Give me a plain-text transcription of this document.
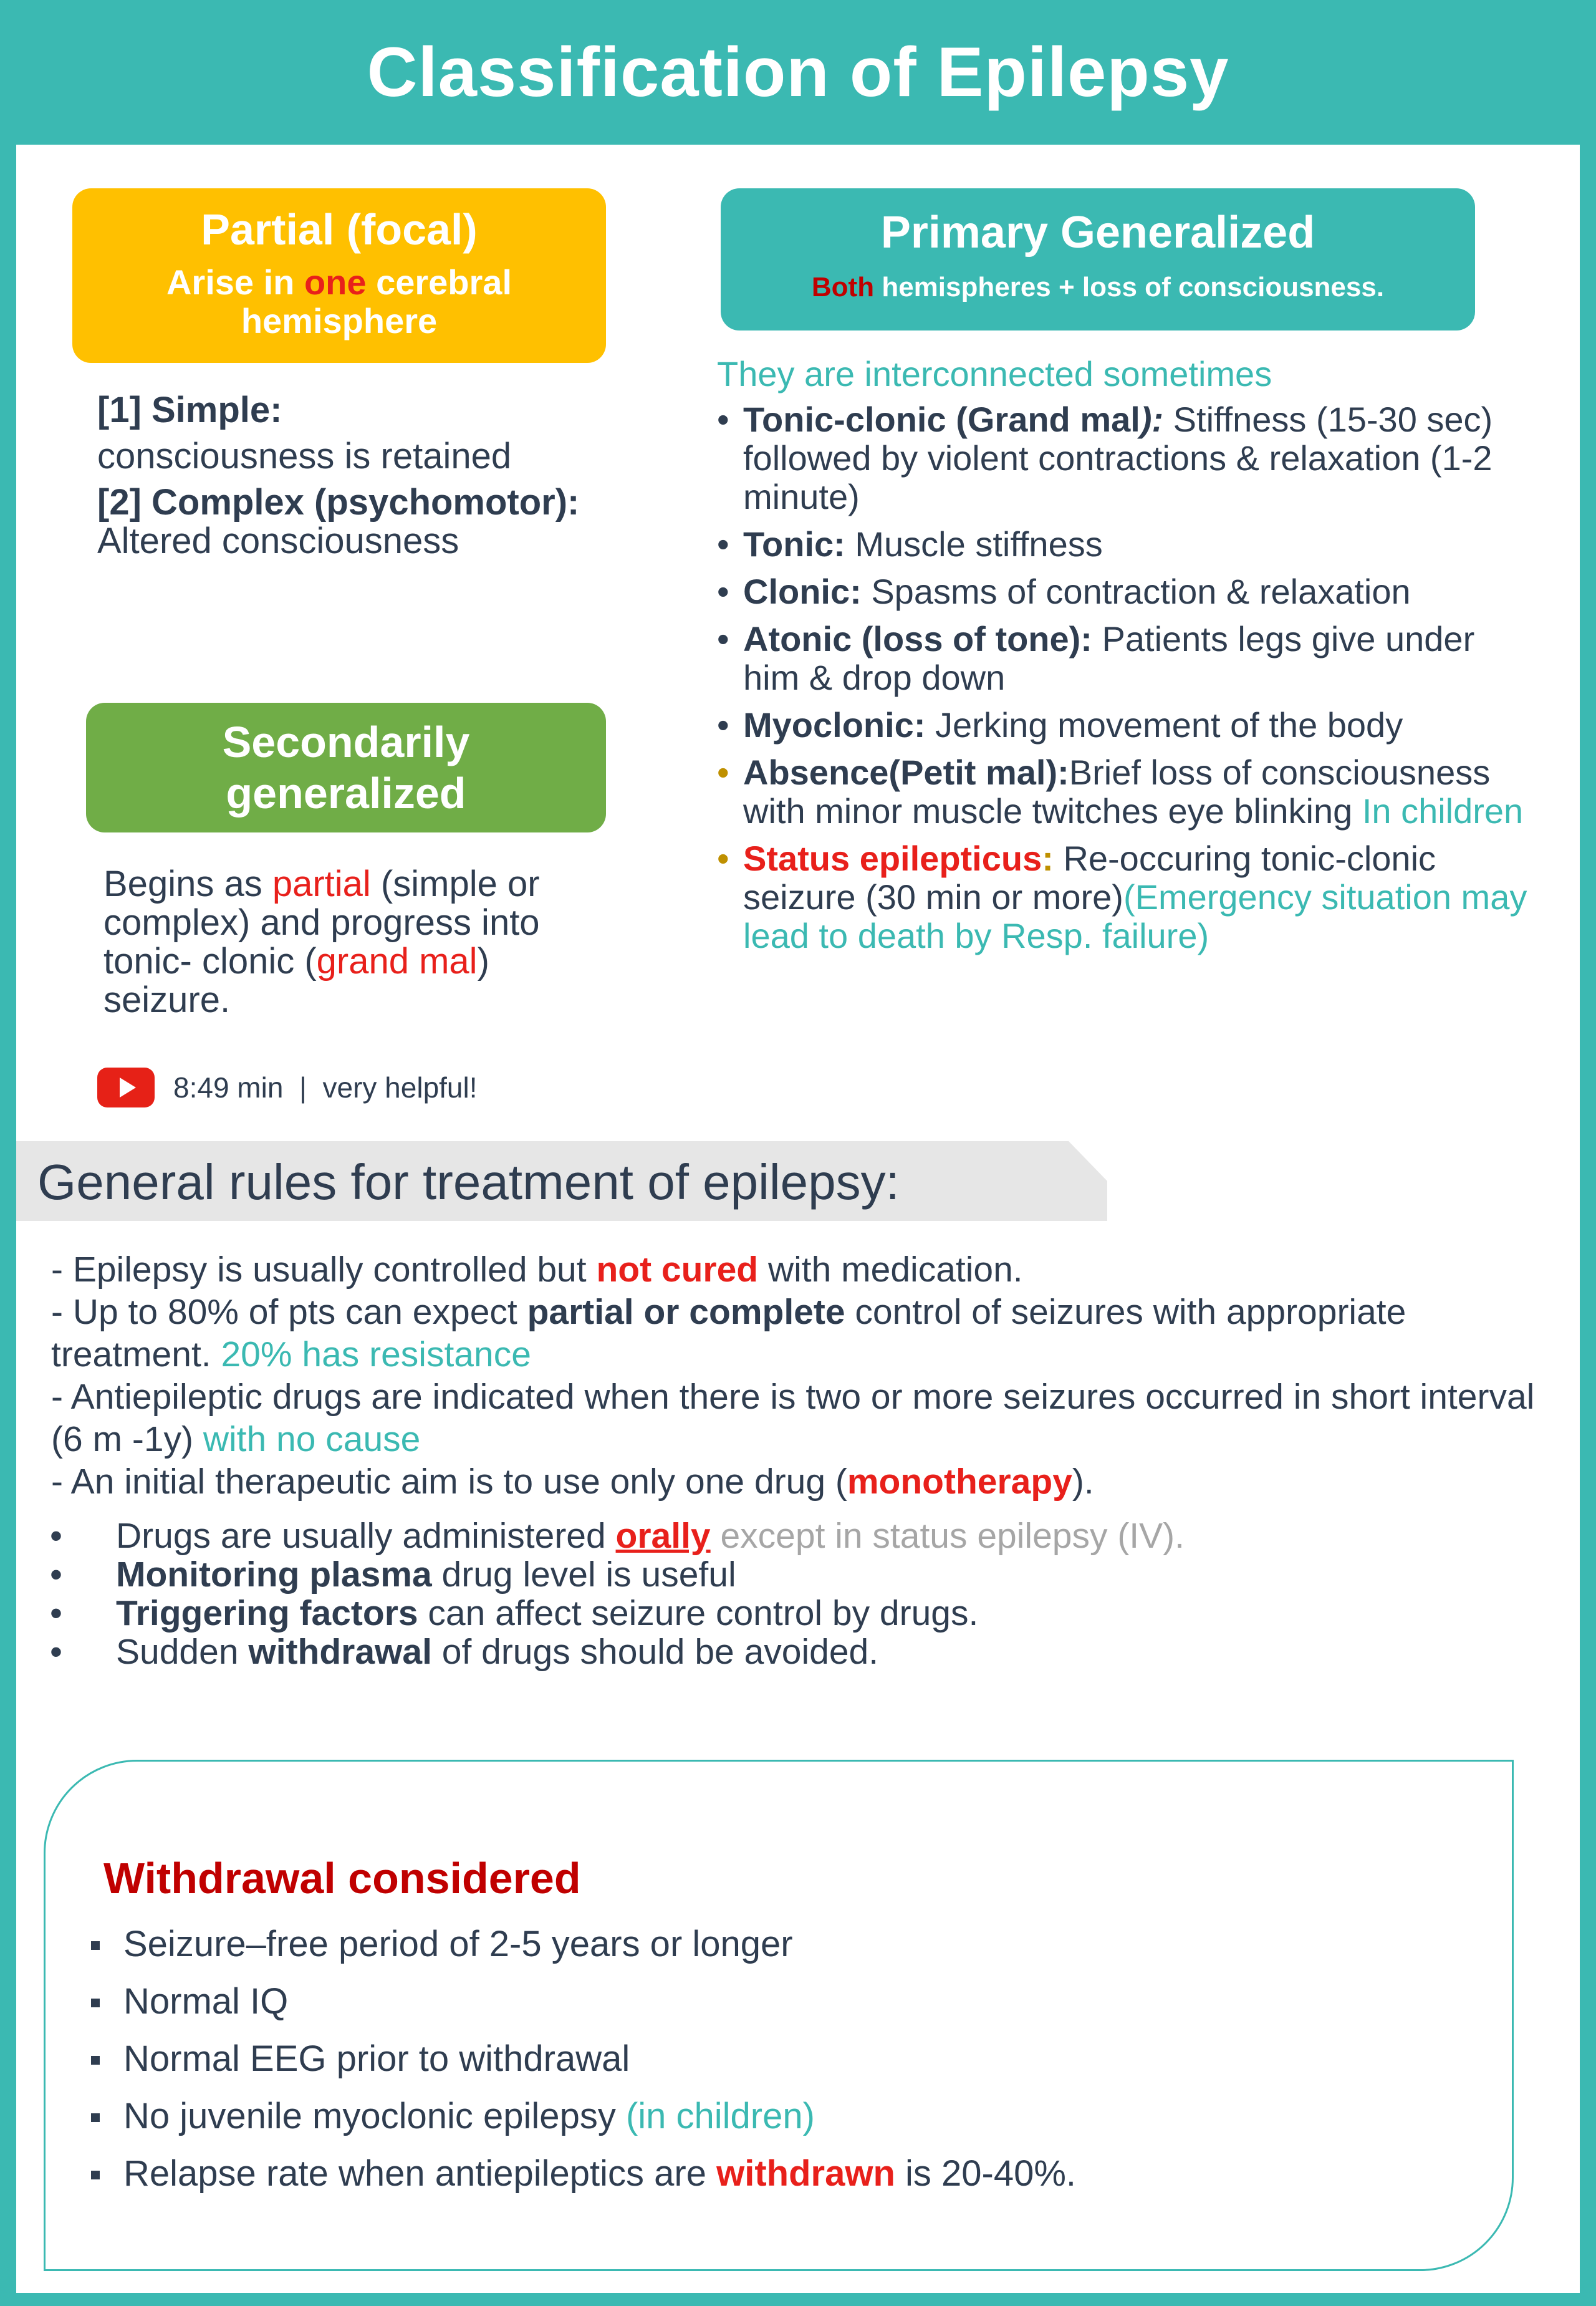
Classification of Epilepsy
Partial (focal)
Arise in one cerebral hemisphere
[1] Simple:
consciousness is retained
[2] Complex (psychomotor):
Altered consciousness
Secondarily generalized
Begins as partial (simple or complex) and progress into tonic- clonic (grand mal) seizure.
8:49 min  |  very helpful!
Primary Generalized
Both hemispheres + loss of consciousness.
They are interconnected sometimes
• Tonic-clonic (Grand mal): Stiffness (15-30 sec) followed by violent contractions & relaxation (1-2 minute)
• Tonic: Muscle stiffness
• Clonic: Spasms of contraction & relaxation
• Atonic (loss of tone): Patients legs give under him & drop down
• Myoclonic: Jerking movement of the body
• Absence(Petit mal):Brief loss of consciousness with minor muscle twitches eye blinking In children
• Status epilepticus: Re-occuring tonic-clonic seizure (30 min or more)(Emergency situation may lead to death by Resp. failure)
General rules for treatment of epilepsy:
- Epilepsy is usually controlled but not cured with medication.
- Up to 80% of pts can expect partial or complete control of seizures with appropriate treatment. 20% has resistance
- Antiepileptic drugs are indicated when there is two or more seizures occurred in short interval (6 m -1y) with no cause
- An initial therapeutic aim is to use only one drug (monotherapy).
• Drugs are usually administered orally except in status epilepsy (IV).
• Monitoring plasma drug level is useful
• Triggering factors can affect seizure control by drugs.
• Sudden withdrawal of drugs should be avoided.
Withdrawal considered
Seizure–free period of 2-5 years or longer
Normal IQ
Normal EEG prior to withdrawal
No juvenile myoclonic epilepsy (in children)
Relapse rate when antiepileptics are withdrawn is 20-40%.
